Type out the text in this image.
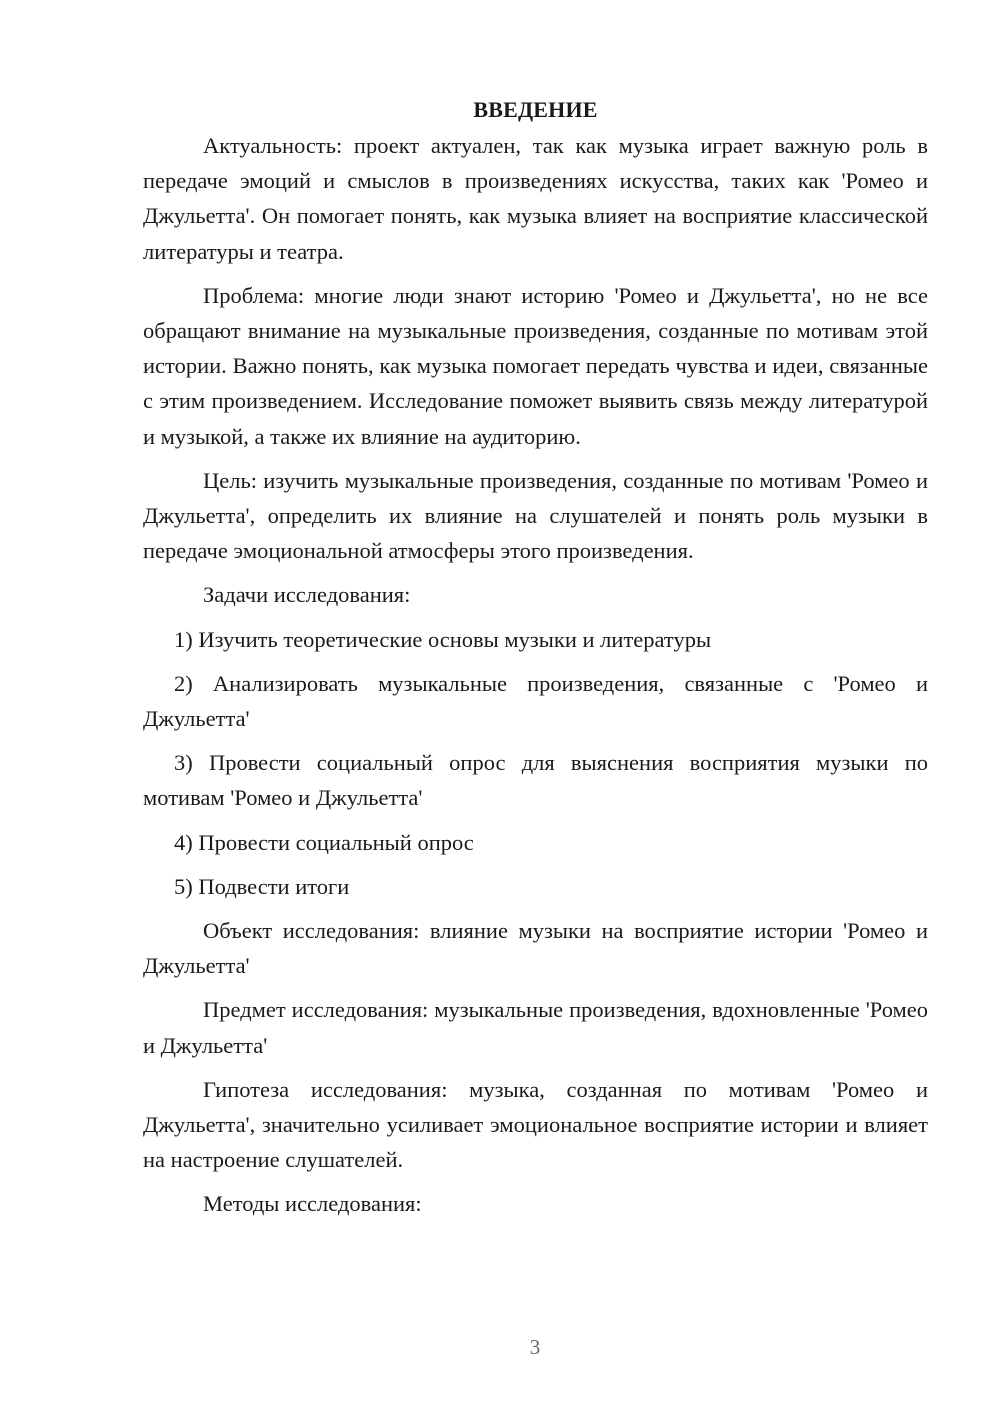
ВВЕДЕНИЕ

Актуальность: проект актуален, так как музыка играет важную роль в передаче эмоций и смыслов в произведениях искусства, таких как 'Ромео и Джульетта'. Он помогает понять, как музыка влияет на восприятие классической литературы и театра.

Проблема: многие люди знают историю 'Ромео и Джульетта', но не все обращают внимание на музыкальные произведения, созданные по мотивам этой истории. Важно понять, как музыка помогает передать чувства и идеи, связанные с этим произведением. Исследование поможет выявить связь между литературой и музыкой, а также их влияние на аудиторию.

Цель: изучить музыкальные произведения, созданные по мотивам 'Ромео и Джульетта', определить их влияние на слушателей и понять роль музыки в передаче эмоциональной атмосферы этого произведения.

Задачи исследования:

1) Изучить теоретические основы музыки и литературы

2) Анализировать музыкальные произведения, связанные с 'Ромео и Джульетта'

3) Провести социальный опрос для выяснения восприятия музыки по мотивам 'Ромео и Джульетта'

4) Провести социальный опрос

5) Подвести итоги

Объект исследования: влияние музыки на восприятие истории 'Ромео и Джульетта'

Предмет исследования: музыкальные произведения, вдохновленные 'Ромео и Джульетта'

Гипотеза исследования: музыка, созданная по мотивам 'Ромео и Джульетта', значительно усиливает эмоциональное восприятие истории и влияет на настроение слушателей.

Методы исследования:

3
